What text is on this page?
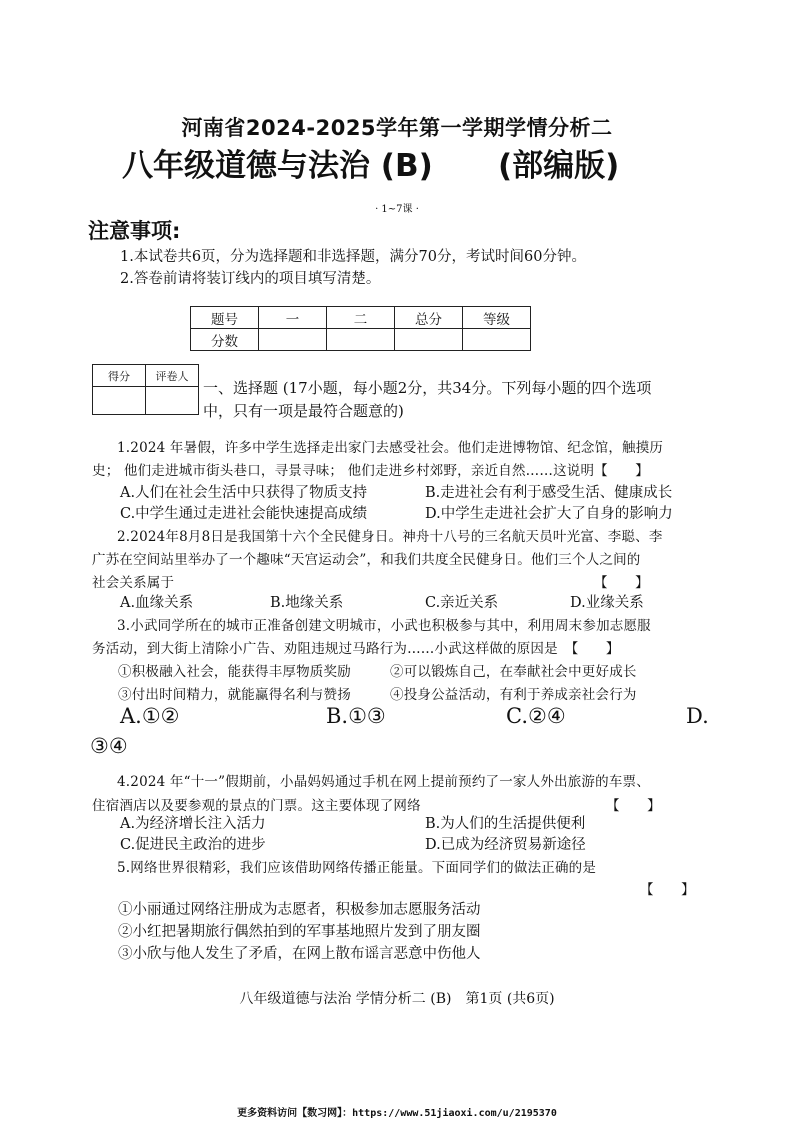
河南省2024-2025学年第一学期学情分析二
八年级道德与法治 (B) (部编版)
· 1~7课 ·
注意事项:
1.本试卷共6页，分为选择题和非选择题，满分70分，考试时间60分钟。
2.答卷前请将装订线内的项目填写清楚。
题号	一	二	总分	等级
分数				
得分	评卷人

一、选择题 (17小题，每小题2分，共34分。下列每小题的四个选项
中，只有一项是最符合题意的)
1.2024 年暑假，许多中学生选择走出家门去感受社会。他们走进博物馆、纪念馆，触摸历
史； 他们走进城市街头巷口，寻景寻味； 他们走进乡村郊野，亲近自然……这说明【　　】
A.人们在社会生活中只获得了物质支持	B.走进社会有利于感受生活、健康成长
C.中学生通过走进社会能快速提高成绩	D.中学生走进社会扩大了自身的影响力
2.2024年8月8日是我国第十六个全民健身日。神舟十八号的三名航天员叶光富、李聪、李
广苏在空间站里举办了一个趣味“天宫运动会”，和我们共度全民健身日。他们三个人之间的
社会关系属于	【　　】
A.血缘关系	B.地缘关系	C.亲近关系	D.业缘关系
3.小武同学所在的城市正准备创建文明城市，小武也积极参与其中，利用周末参加志愿服
务活动，到大街上清除小广告、劝阻违规过马路行为……小武这样做的原因是　【　　】
①积极融入社会，能获得丰厚物质奖励	②可以锻炼自己，在奉献社会中更好成长
③付出时间精力，就能赢得名利与赞扬	④投身公益活动，有利于养成亲社会行为
A.①②	B.①③	C.②④	D.
③④
4.2024 年“十一”假期前，小晶妈妈通过手机在网上提前预约了一家人外出旅游的车票、
住宿酒店以及要参观的景点的门票。这主要体现了网络	【　　】
A.为经济增长注入活力	B.为人们的生活提供便利
C.促进民主政治的进步	D.已成为经济贸易新途径
5.网络世界很精彩，我们应该借助网络传播正能量。下面同学们的做法正确的是
【　　】
①小丽通过网络注册成为志愿者，积极参加志愿服务活动
②小红把暑期旅行偶然拍到的军事基地照片发到了朋友圈
③小欣与他人发生了矛盾，在网上散布谣言恶意中伤他人
八年级道德与法治 学情分析二 (B)　第1页 (共6页)
更多资料访问【数习网】：https://www.51jiaoxi.com/u/2195370
